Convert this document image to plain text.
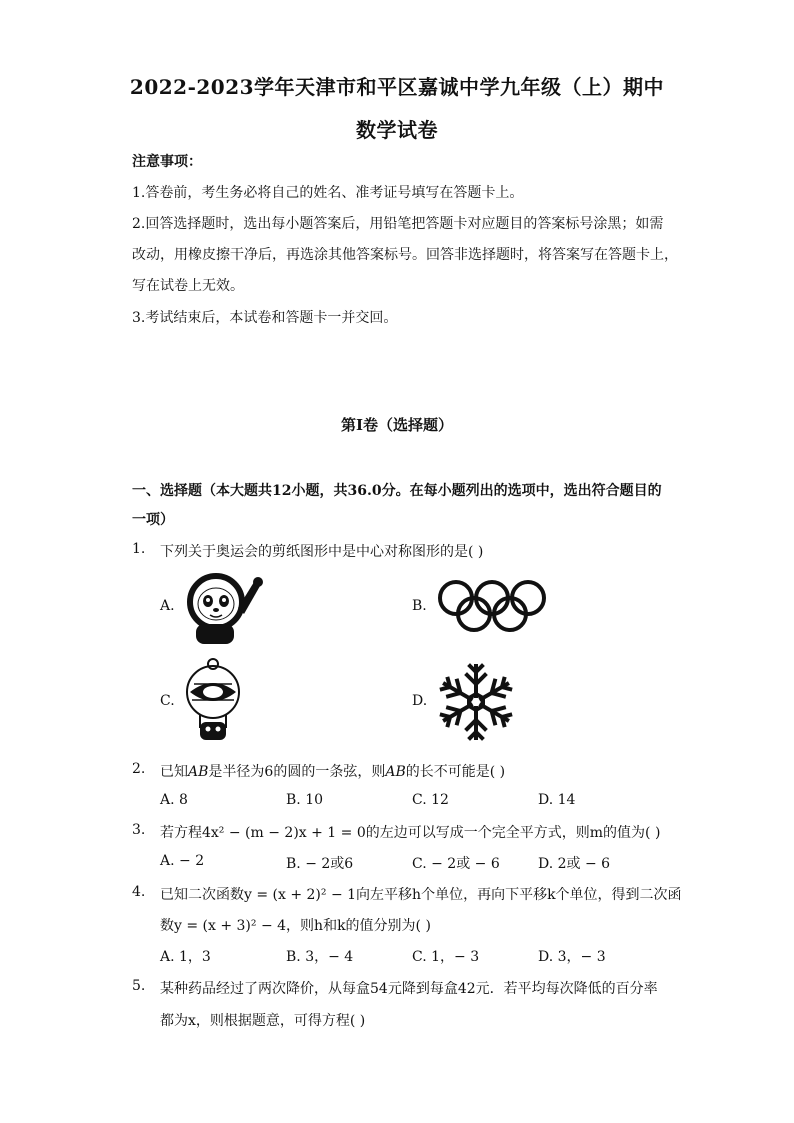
2022-2023学年天津市和平区嘉诚中学九年级（上）期中
数学试卷
注意事项：
1.答卷前，考生务必将自己的姓名、准考证号填写在答题卡上。
2.回答选择题时，选出每小题答案后，用铅笔把答题卡对应题目的答案标号涂黑；如需
改动，用橡皮擦干净后，再选涂其他答案标号。回答非选择题时，将答案写在答题卡上，
写在试卷上无效。
3.考试结束后，本试卷和答题卡一并交回。
第Ⅰ卷（选择题）
一、选择题（本大题共12小题，共36.0分。在每小题列出的选项中，选出符合题目的
一项）
1. 下列关于奥运会的剪纸图形中是中心对称图形的是( )
A.	B.
C.	D.
2. 已知AB是半径为6的圆的一条弦，则AB的长不可能是( )
A. 8	B. 10	C. 12	D. 14
3. 若方程4x² − (m − 2)x + 1 = 0的左边可以写成一个完全平方式，则m的值为( )
A. − 2	B. − 2或6	C. − 2或 − 6	D. 2或 − 6
4. 已知二次函数y = (x + 2)² − 1向左平移h个单位，再向下平移k个单位，得到二次函
数y = (x + 3)² − 4，则h和k的值分别为( )
A. 1，3	B. 3，− 4	C. 1，− 3	D. 3，− 3
5. 某种药品经过了两次降价，从每盒54元降到每盒42元．若平均每次降低的百分率
都为x，则根据题意，可得方程( )
